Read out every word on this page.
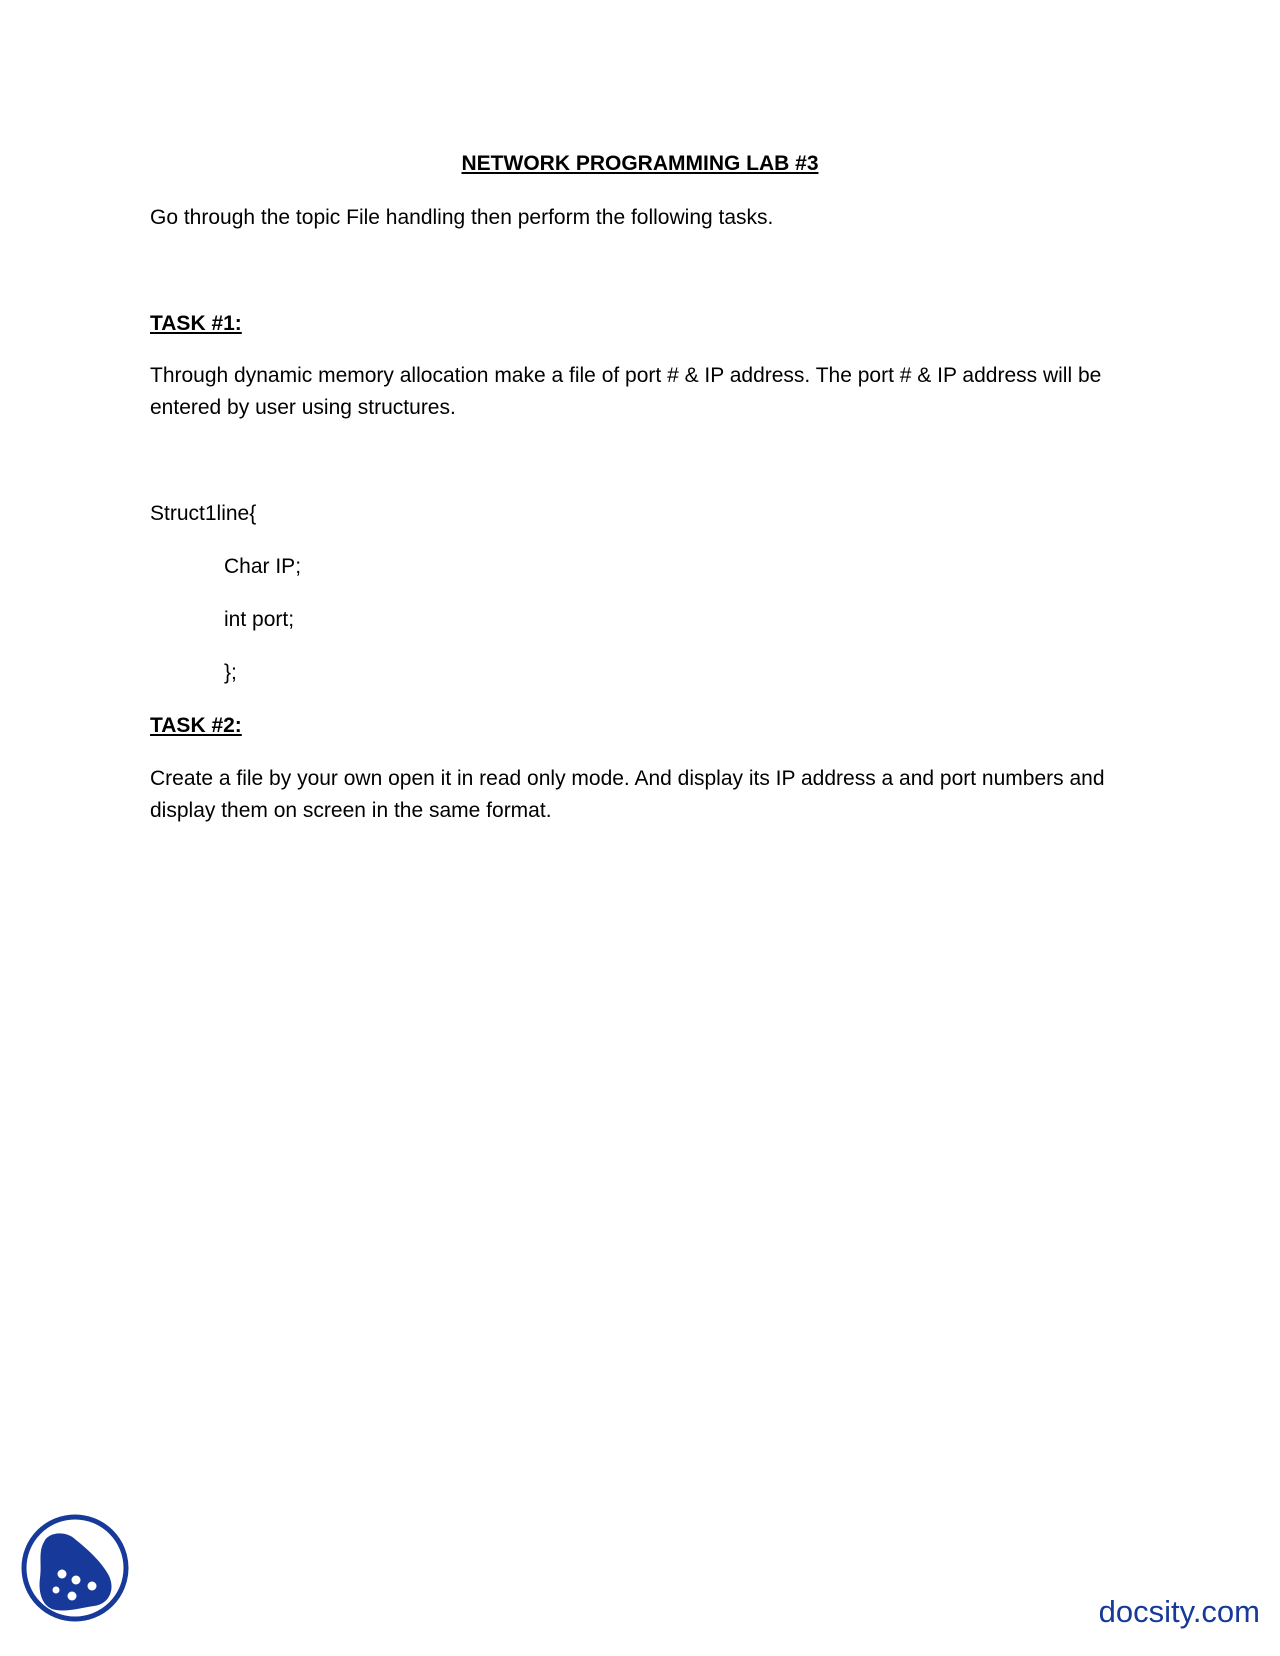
NETWORK PROGRAMMING LAB #3
Go through the topic File handling then perform the following tasks.
TASK #1:
Through dynamic memory allocation make a file of port # & IP address. The port # & IP address will be
entered by user using structures.
Struct1line{
Char IP;
int port;
};
TASK #2:
Create a file by your own open it in read only mode. And display its IP address a and port numbers and
display them on screen in the same format.
docsity.com
